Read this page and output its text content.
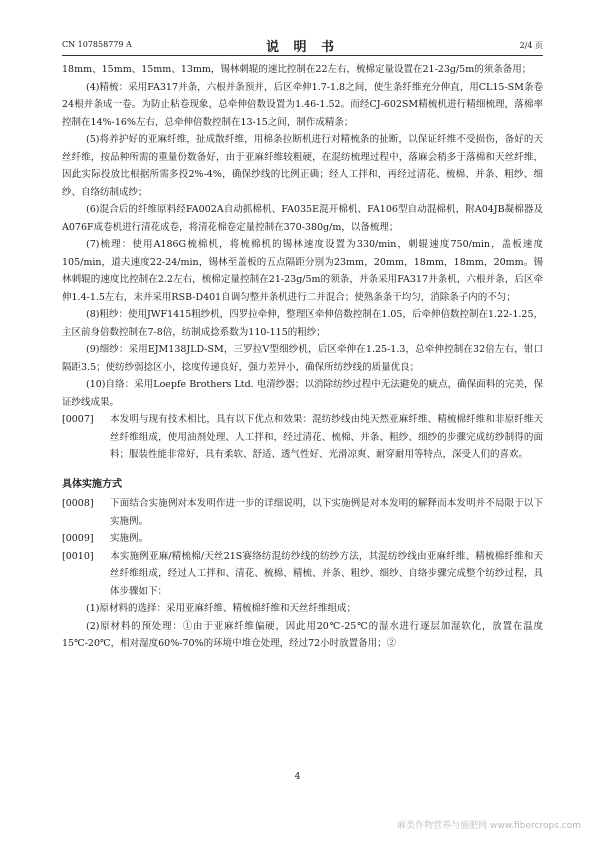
CN 107858779 A	说 明 书	2/4 页

18mm、15mm、15mm、13mm，锡林刺辊的速比控制在22左右，梳棉定量设置在21-23g/5m的须条备用；

(4)精梳：采用FA317并条，六根并条预并，后区牵伸1.7-1.8之间，使生条纤维充分伸直，用CL15-SM条卷24根并条成一卷。为防止粘卷现象，总牵伸倍数设置为1.46-1.52。而经CJ-602SM精梳机进行精细梳理，落棉率控制在14%-16%左右，总牵伸倍数控制在13-15之间，制作成精条；

(5)将养护好的亚麻纤维，扯成散纤维，用棉条拉断机进行对精梳条的扯断，以保证纤维不受损伤，备好的天丝纤维，按品种所需的重量份数备好，由于亚麻纤维较粗硬，在混纺梳理过程中，落麻会稍多于落棉和天丝纤维，因此实际投放比根据所需多投2%-4%，确保纱线的比例正确；经人工拌和，再经过清花、梳棉、并条、粗纱、细纱、自络纺制成纱；

(6)混合后的纤维原料经FA002A自动抓棉机、FA035E混开棉机、FA106型自动混棉机，附A04JB凝棉器及A076F成卷机进行清花成卷，将清花棉卷定量控制在370-380g/m，以备梳理；

(7)梳理：使用A186G梳棉机，将梳棉机的锡林速度设置为330/min，刺辊速度750/min，盖板速度105/min，道夫速度22-24/min，锡林至盖板的五点隔距分别为23mm，20mm，18mm，18mm，20mm。锡林刺辊的速度比控制在2.2左右，梳棉定量控制在21-23g/5m的须条，并条采用FA317并条机，六根并条，后区牵伸1.4-1.5左右，末并采用RSB-D401自调匀整并条机进行二并混合；使熟条条干均匀，消除条子内的不匀；

(8)粗纱：使用JWF1415粗纱机，四罗拉牵伸，整理区牵伸倍数控制在1.05，后牵伸倍数控制在1.22-1.25，主区前身倍数控制在7-8倍，纺制成捻系数为110-115的粗纱；

(9)细纱：采用EJM138JLD-SM，三罗拉V型细纱机，后区牵伸在1.25-1.3，总牵伸控制在32倍左右，钳口隔距3.5；使纺纱弱捻区小，捻度传递良好，强力差异小，确保所纺纱线的质量优良；

(10)自络：采用Loepfe Brothers Ltd. 电清纱器；以消除纺纱过程中无法避免的疵点，确保面料的完美，保证纱线成果。

[0007] 本发明与现有技术相比，具有以下优点和效果：混纺纱线由纯天然亚麻纤维、精梳棉纤维和非原纤维天丝纤维组成，使用油剂处理、人工拌和，经过清花、梳棉、并条、粗纱、细纱的步骤完成纺纱制得的面料；服装性能非常好，具有柔软、舒适、透气性好、光滑凉爽、耐穿耐用等特点，深受人们的喜欢。

具体实施方式

[0008] 下面结合实施例对本发明作进一步的详细说明，以下实施例是对本发明的解释而本发明并不局限于以下实施例。

[0009] 实施例。

[0010] 本实施例亚麻/精梳棉/天丝21S赛络纺混纺纱线的纺纱方法，其混纺纱线由亚麻纤维、精梳棉纤维和天丝纤维组成，经过人工拌和、清花、梳棉、精梳、并条、粗纱、细纱、自络步骤完成整个纺纱过程，具体步骤如下：

(1)原材料的选择：采用亚麻纤维、精梳棉纤维和天丝纤维组成；

(2)原材料的预处理：①由于亚麻纤维偏硬，因此用20℃-25℃的湿水进行逐层加湿软化，放置在温度15℃-20℃，相对湿度60%-70%的环境中堆仓处理，经过72小时放置备用；②

4
麻类作物营养与施肥网 www.fibercrops.com
